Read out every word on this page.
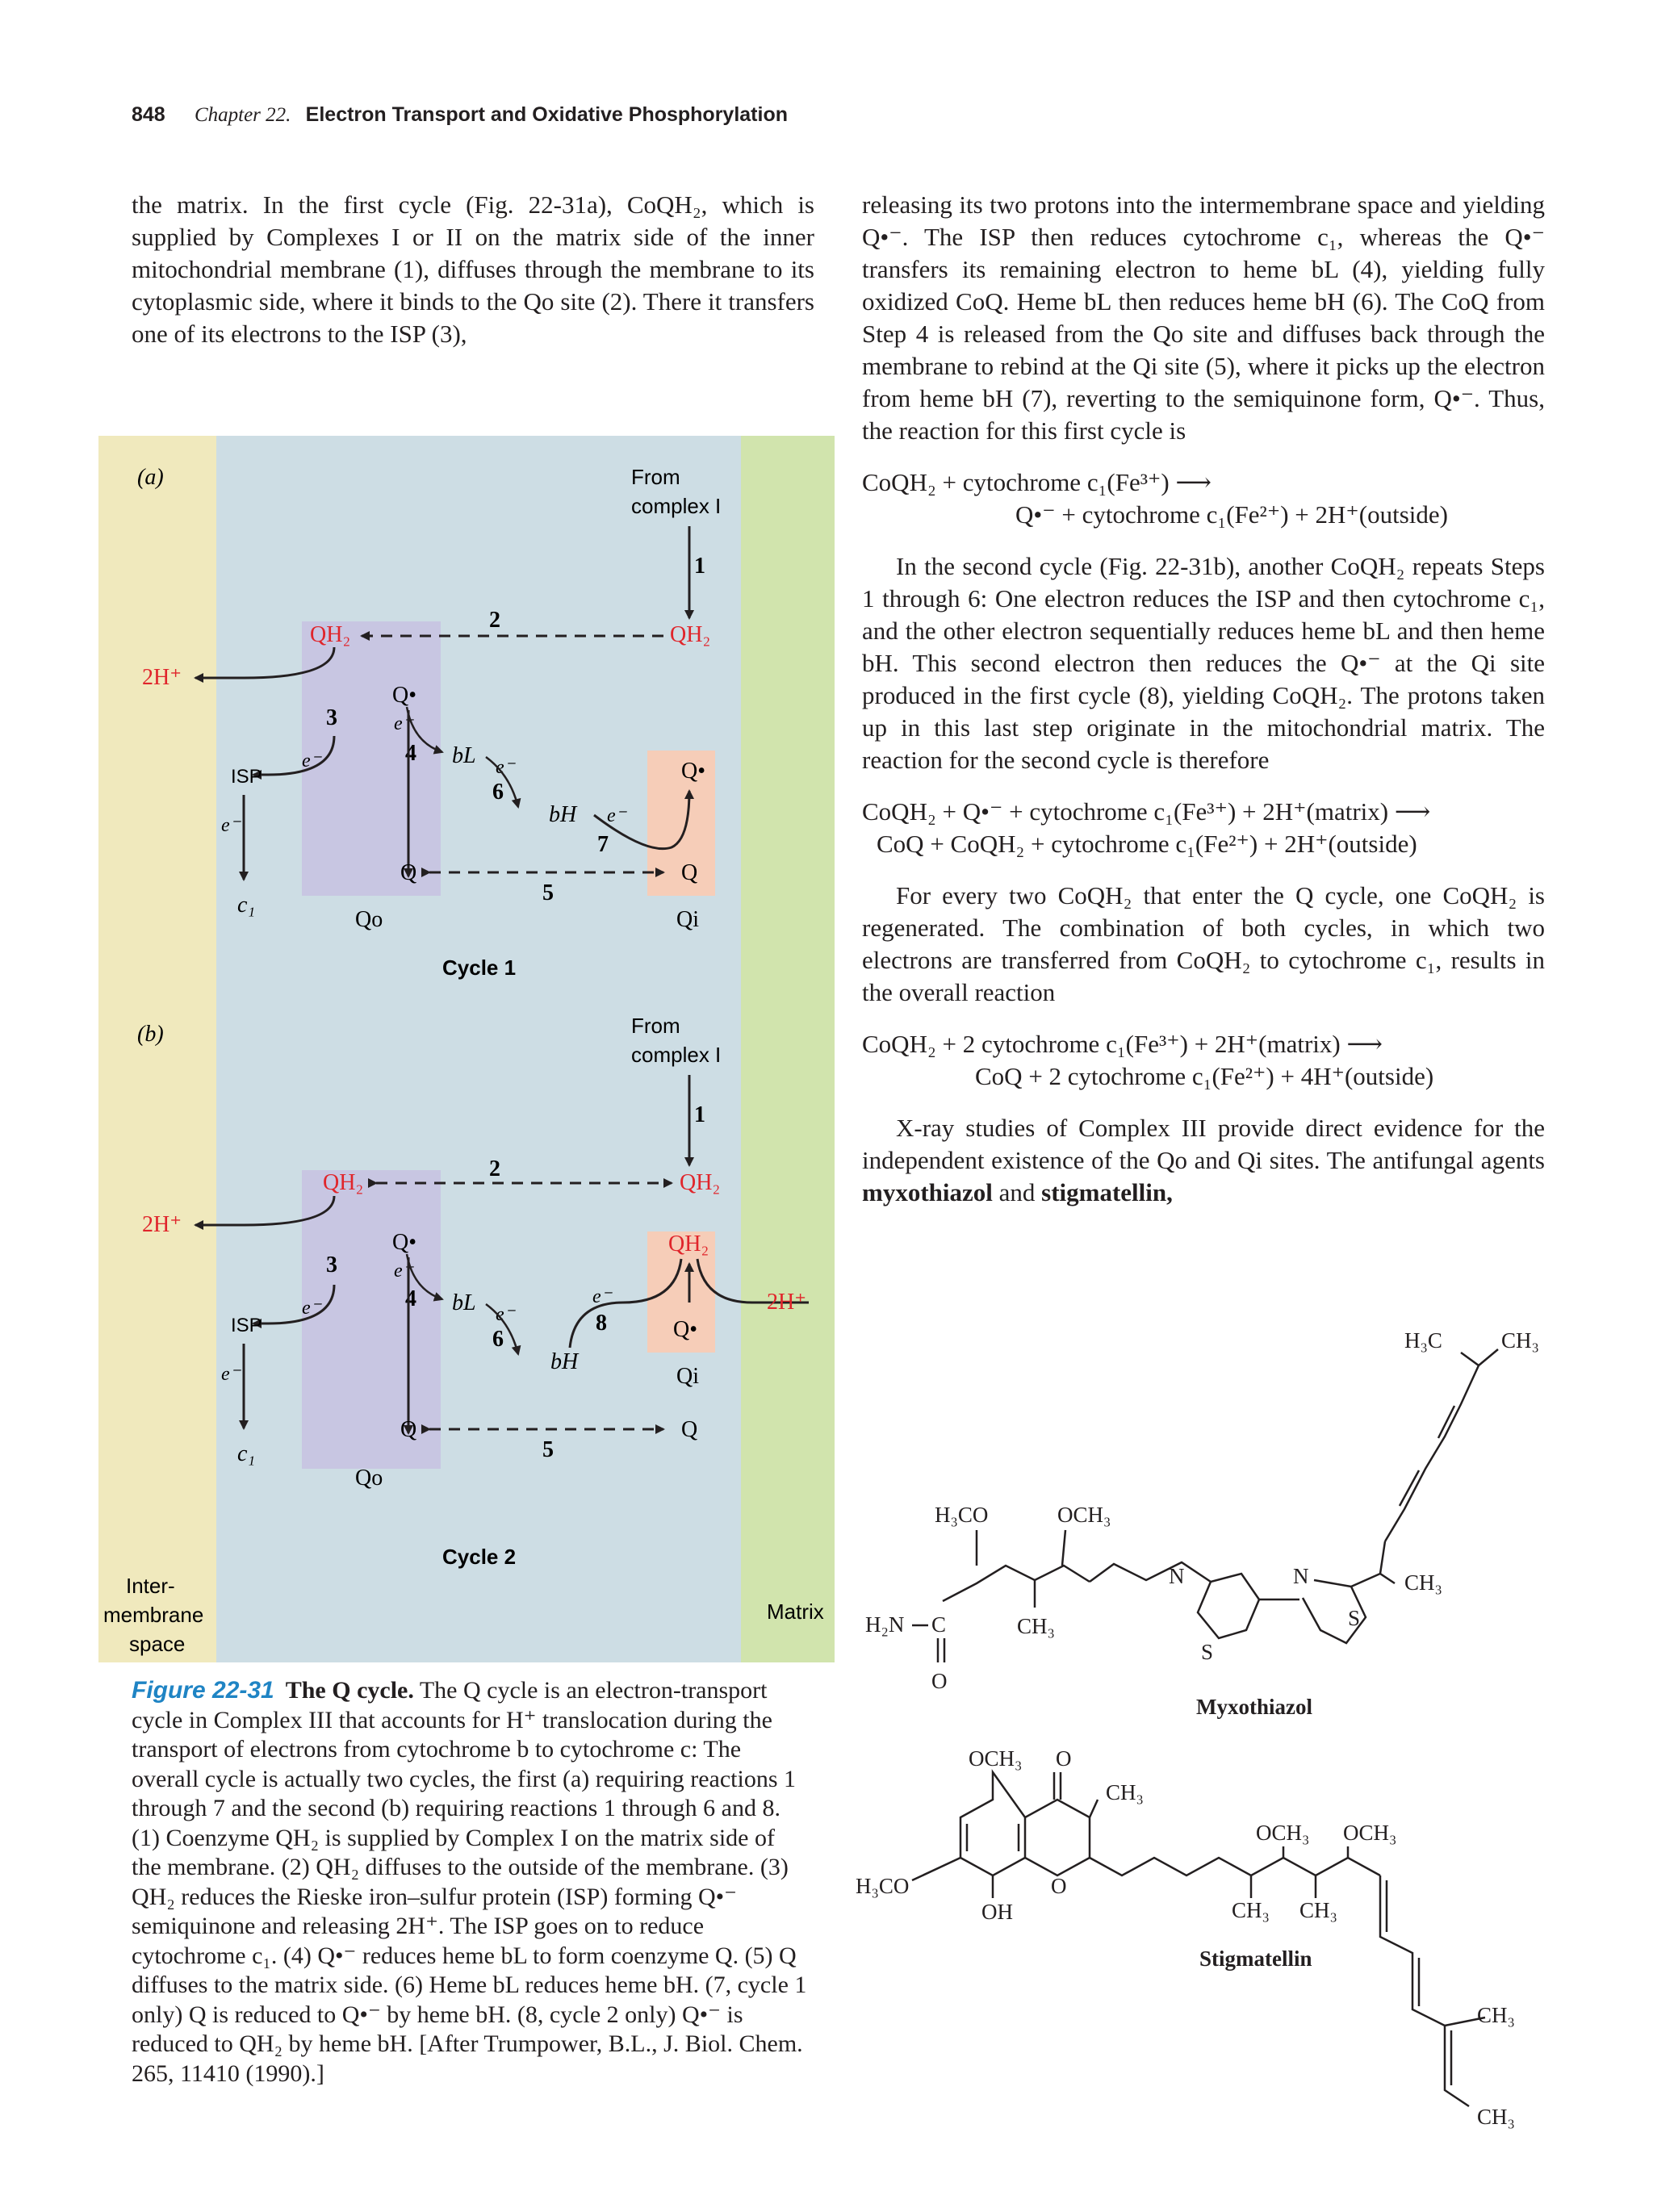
848 Chapter 22. Electron Transport and Oxidative Phosphorylation

the matrix. In the first cycle (Fig. 22-31a), CoQH₂, which is supplied by Complexes I or II on the matrix side of the inner mitochondrial membrane (1), diffuses through the membrane to its cytoplasmic side, where it binds to the Qo site (2). There it transfers one of its electrons to the ISP (3),

releasing its two protons into the intermembrane space and yielding Q•⁻. The ISP then reduces cytochrome c₁, whereas the Q•⁻ transfers its remaining electron to heme bL (4), yielding fully oxidized CoQ. Heme bL then reduces heme bH (6). The CoQ from Step 4 is released from the Qo site and diffuses back through the membrane to rebind at the Qi site (5), where it picks up the electron from heme bH (7), reverting to the semiquinone form, Q•⁻. Thus, the reaction for this first cycle is

CoQH₂ + cytochrome c₁(Fe³⁺) ⟶
Q•⁻ + cytochrome c₁(Fe²⁺) + 2H⁺(outside)

In the second cycle (Fig. 22-31b), another CoQH₂ repeats Steps 1 through 6: One electron reduces the ISP and then cytochrome c₁, and the other electron sequentially reduces heme bL and then heme bH. This second electron then reduces the Q•⁻ at the Qi site produced in the first cycle (8), yielding CoQH₂. The protons taken up in this last step originate in the mitochondrial matrix. The reaction for the second cycle is therefore

CoQH₂ + Q•⁻ + cytochrome c₁(Fe³⁺) + 2H⁺(matrix) ⟶
CoQ + CoQH₂ + cytochrome c₁(Fe²⁺) + 2H⁺(outside)

For every two CoQH₂ that enter the Q cycle, one CoQH₂ is regenerated. The combination of both cycles, in which two electrons are transferred from CoQH₂ to cytochrome c₁, results in the overall reaction

CoQH₂ + 2 cytochrome c₁(Fe³⁺) + 2H⁺(matrix) ⟶
CoQ + 2 cytochrome c₁(Fe²⁺) + 4H⁺(outside)

X-ray studies of Complex III provide direct evidence for the independent existence of the Qo and Qi sites. The antifungal agents myxothiazol and stigmatellin,

(a)	From
complex I
1
QH₂	QH₂
2
2H⁺
Q•
3
e⁻
ISP
e⁻
c₁
e⁻
4 bL e⁻
6
bH
Q•
e⁻
7
Q	Q
5
Qo	Qi
Cycle 1
(b)	From
complex I
1
QH₂	QH₂
2
2H⁺
Q•	QH₂
3
e⁻
ISP
e⁻
c₁
e⁻
4 bL e⁻
6
bH
e⁻
8
2H⁺
Q•
Qi
Q	Q
5
Qo
Cycle 2
Inter-
membrane
space
Matrix
Figure 22-31 The Q cycle. The Q cycle is an electron-transport cycle in Complex III that accounts for H⁺ translocation during the transport of electrons from cytochrome b to cytochrome c: The overall cycle is actually two cycles, the first (a) requiring reactions 1 through 7 and the second (b) requiring reactions 1 through 6 and 8. (1) Coenzyme QH₂ is supplied by Complex I on the matrix side of the membrane. (2) QH₂ diffuses to the outside of the membrane. (3) QH₂ reduces the Rieske iron–sulfur protein (ISP) forming Q•⁻ semiquinone and releasing 2H⁺. The ISP goes on to reduce cytochrome c₁. (4) Q•⁻ reduces heme bL to form coenzyme Q. (5) Q diffuses to the matrix side. (6) Heme bL reduces heme bH. (7, cycle 1 only) Q is reduced to Q•⁻ by heme bH. (8, cycle 2 only) Q•⁻ is reduced to QH₂ by heme bH. [After Trumpower, B.L., J. Biol. Chem. 265, 11410 (1990).]
H₃C	CH₃
CH₃
N
S
N
S
OCH₃
H₃CO
CH₃
H₂N C
O
Myxothiazol
OCH₃ O
CH₃
O
H₃CO
OH
OCH₃ OCH₃
CH₃ CH₃
CH₃
CH₃
Stigmatellin
